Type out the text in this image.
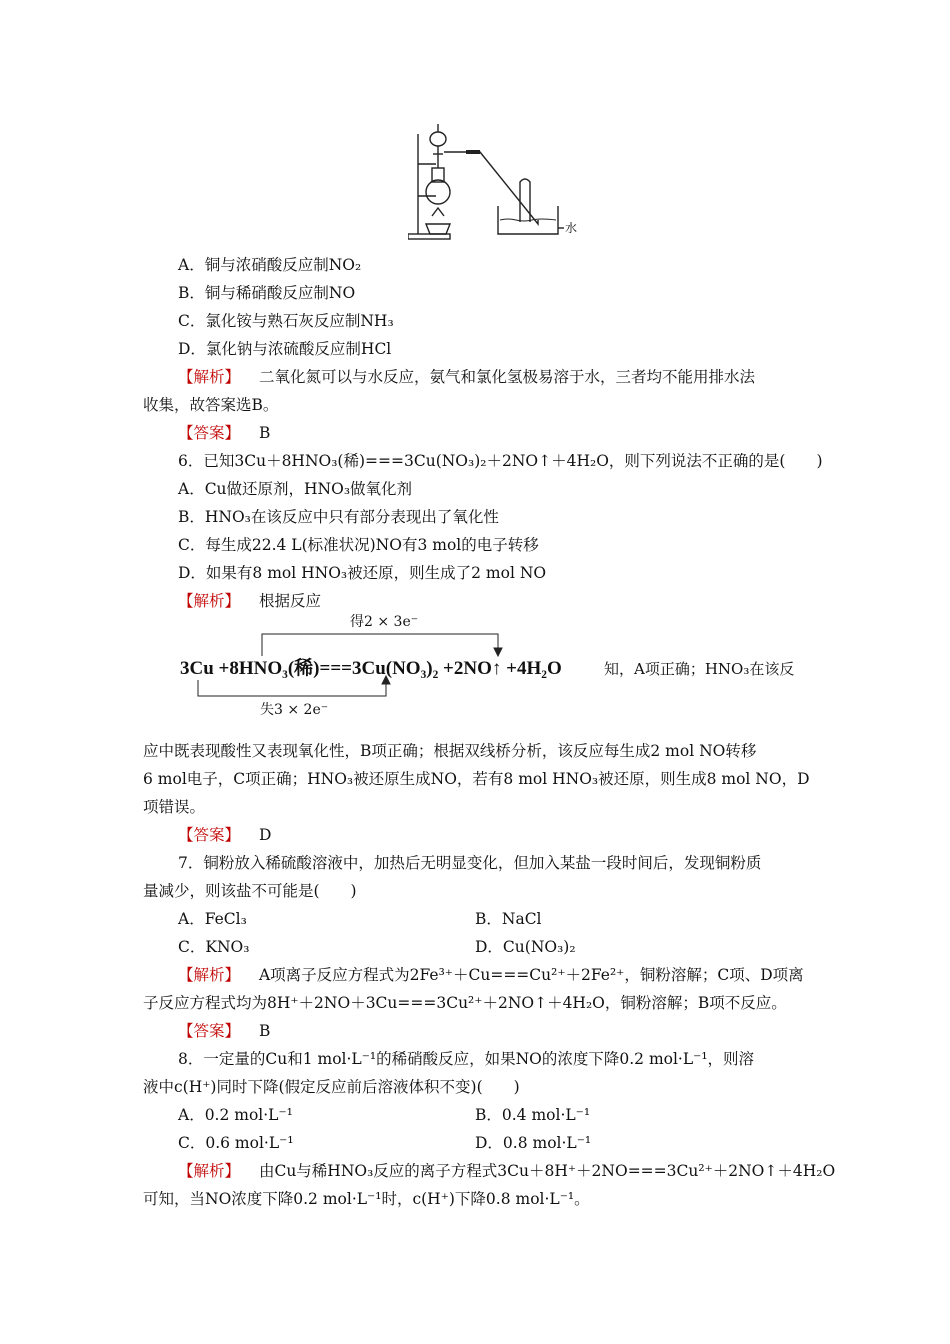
水
A．铜与浓硝酸反应制NO₂
B．铜与稀硝酸反应制NO
C．氯化铵与熟石灰反应制NH₃
D．氯化钠与浓硫酸反应制HCl
【解析】 二氧化氮可以与水反应，氨气和氯化氢极易溶于水，三者均不能用排水法
收集，故答案选B。
【答案】 B
6．已知3Cu＋8HNO₃(稀)===3Cu(NO₃)₂＋2NO↑＋4H₂O，则下列说法不正确的是(　　)
A．Cu做还原剂，HNO₃做氧化剂
B．HNO₃在该反应中只有部分表现出了氧化性
C．每生成22.4 L(标准状况)NO有3 mol的电子转移
D．如果有8 mol HNO₃被还原，则生成了2 mol NO
【解析】 根据反应
得2 × 3e⁻
3Cu +8HNO₃(稀)===3Cu(NO₃)₂ +2NO↑ +4H₂O	知，A项正确；HNO₃在该反
失3 × 2e⁻
应中既表现酸性又表现氧化性，B项正确；根据双线桥分析，该反应每生成2 mol NO转移
6 mol电子，C项正确；HNO₃被还原生成NO，若有8 mol HNO₃被还原，则生成8 mol NO，D
项错误。
【答案】 D
7．铜粉放入稀硫酸溶液中，加热后无明显变化，但加入某盐一段时间后，发现铜粉质
量减少，则该盐不可能是(　　)
A．FeCl₃	B．NaCl
C．KNO₃	D．Cu(NO₃)₂
【解析】 A项离子反应方程式为2Fe³⁺＋Cu===Cu²⁺＋2Fe²⁺，铜粉溶解；C项、D项离
子反应方程式均为8H⁺＋2NO＋3Cu===3Cu²⁺＋2NO↑＋4H₂O，铜粉溶解；B项不反应。
【答案】 B
8．一定量的Cu和1 mol·L⁻¹的稀硝酸反应，如果NO的浓度下降0.2 mol·L⁻¹，则溶
液中c(H⁺)同时下降(假定反应前后溶液体积不变)(　　)
A．0.2 mol·L⁻¹	B．0.4 mol·L⁻¹
C．0.6 mol·L⁻¹	D．0.8 mol·L⁻¹
【解析】 由Cu与稀HNO₃反应的离子方程式3Cu＋8H⁺＋2NO===3Cu²⁺＋2NO↑＋4H₂O
可知，当NO浓度下降0.2 mol·L⁻¹时，c(H⁺)下降0.8 mol·L⁻¹。
